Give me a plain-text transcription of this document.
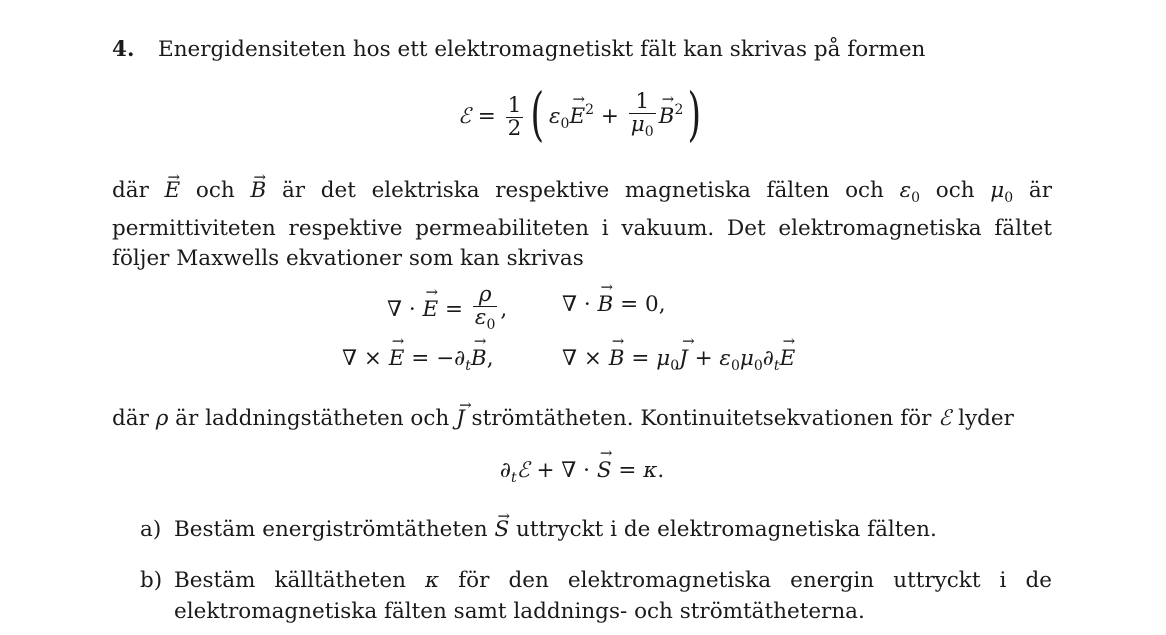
4. Energidensiteten hos ett elektromagnetiskt fält kan skrivas på formen
ℰ = $\frac{1}{2}$ ( $\varepsilon_0\to E^2 + \frac{1}{\mu_0}$
→ $B^2$)
där → E och → B är det elektriska respektive magnetiska fälten och $\varepsilon_0$ och $\mu_0$ är permittiviteten respektive permeabiliteten i vakuum. Det elektromagnetiska fältet följer Maxwells ekvationer som kan skrivas
∇ · → $E = \frac{\rho}{\varepsilon_0}$ ,	∇ · → B = 0,
∇ × → $E = -\partial_t\to B$,	∇ × → $B = \mu_0\to J + \varepsilon_0\mu_0\partial_t\to E$
där ρ är laddningstätheten och → J strömtätheten. Kontinuitetsekvationen för ℰ lyder
$\partial_tℰ$ + ∇ · → S = κ.
a) Bestäm energiströmtätheten → S uttryckt i de elektromagnetiska fälten.
b) Bestäm källtätheten κ för den elektromagnetiska energin uttryckt i de elektromagnetiska fälten samt laddnings- och strömtätheterna.
